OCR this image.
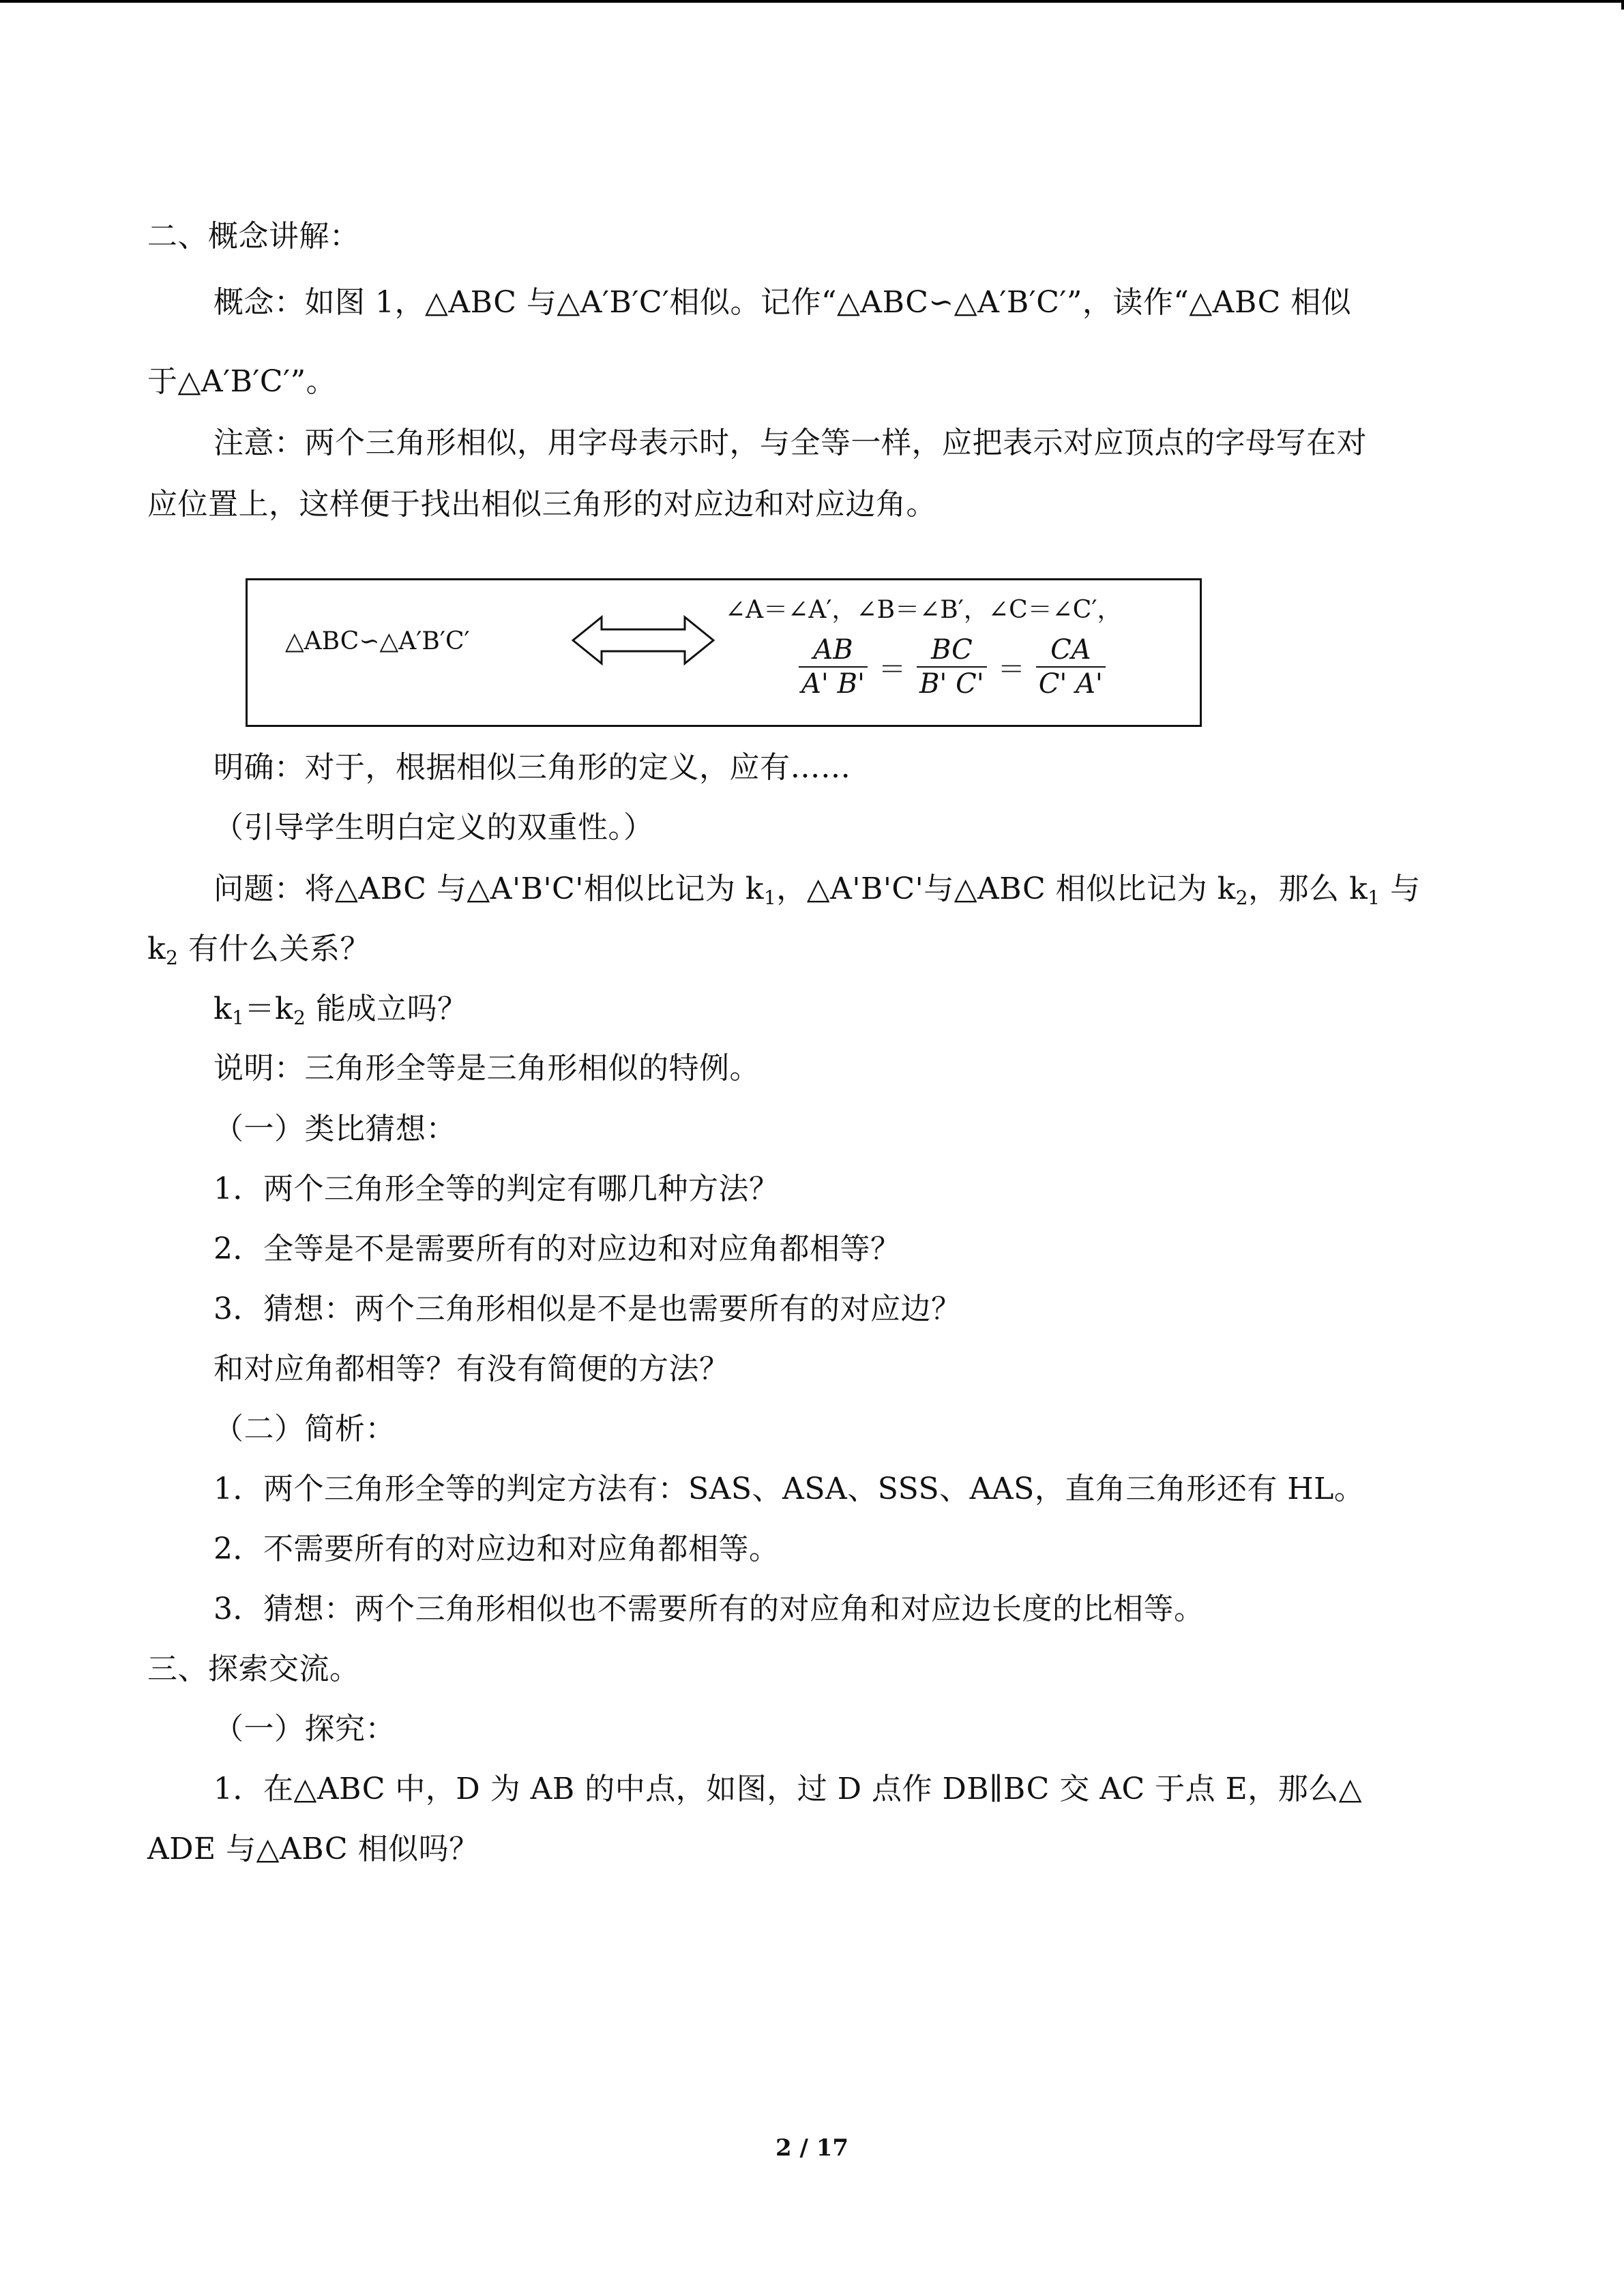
二、概念讲解：
概念：如图 1，△ABC 与△A′B′C′相似。记作“△ABC∽△A′B′C′”，读作“△ABC 相似
于△A′B′C′”。
注意：两个三角形相似，用字母表示时，与全等一样，应把表示对应顶点的字母写在对
应位置上，这样便于找出相似三角形的对应边和对应边角。
△ABC∽△A′B′C′
∠A＝∠A′，∠B＝∠B′，∠C＝∠C′，
$\frac{AB}{A' B'} = \frac{BC}{B' C'} = \frac{CA}{C' A'}$
明确：对于，根据相似三角形的定义，应有……
（引导学生明白定义的双重性。）
问题：将△ABC 与△A'B'C'相似比记为 $k_1$，△A'B'C'与△ABC 相似比记为 $k_2$，那么 $k_1$ 与
$k_2$ 有什么关系？
$k_1=k_2$ 能成立吗？
说明：三角形全等是三角形相似的特例。
（一）类比猜想：
1．两个三角形全等的判定有哪几种方法？
2．全等是不是需要所有的对应边和对应角都相等？
3．猜想：两个三角形相似是不是也需要所有的对应边？
和对应角都相等？有没有简便的方法？
（二）简析：
1．两个三角形全等的判定方法有：SAS、ASA、SSS、AAS，直角三角形还有 HL。
2．不需要所有的对应边和对应角都相等。
3．猜想：两个三角形相似也不需要所有的对应角和对应边长度的比相等。
三、探索交流。
（一）探究：
1．在△ABC 中，D 为 AB 的中点，如图，过 D 点作 DB∥BC 交 AC 于点 E，那么△
ADE 与△ABC 相似吗？
2 / 17
